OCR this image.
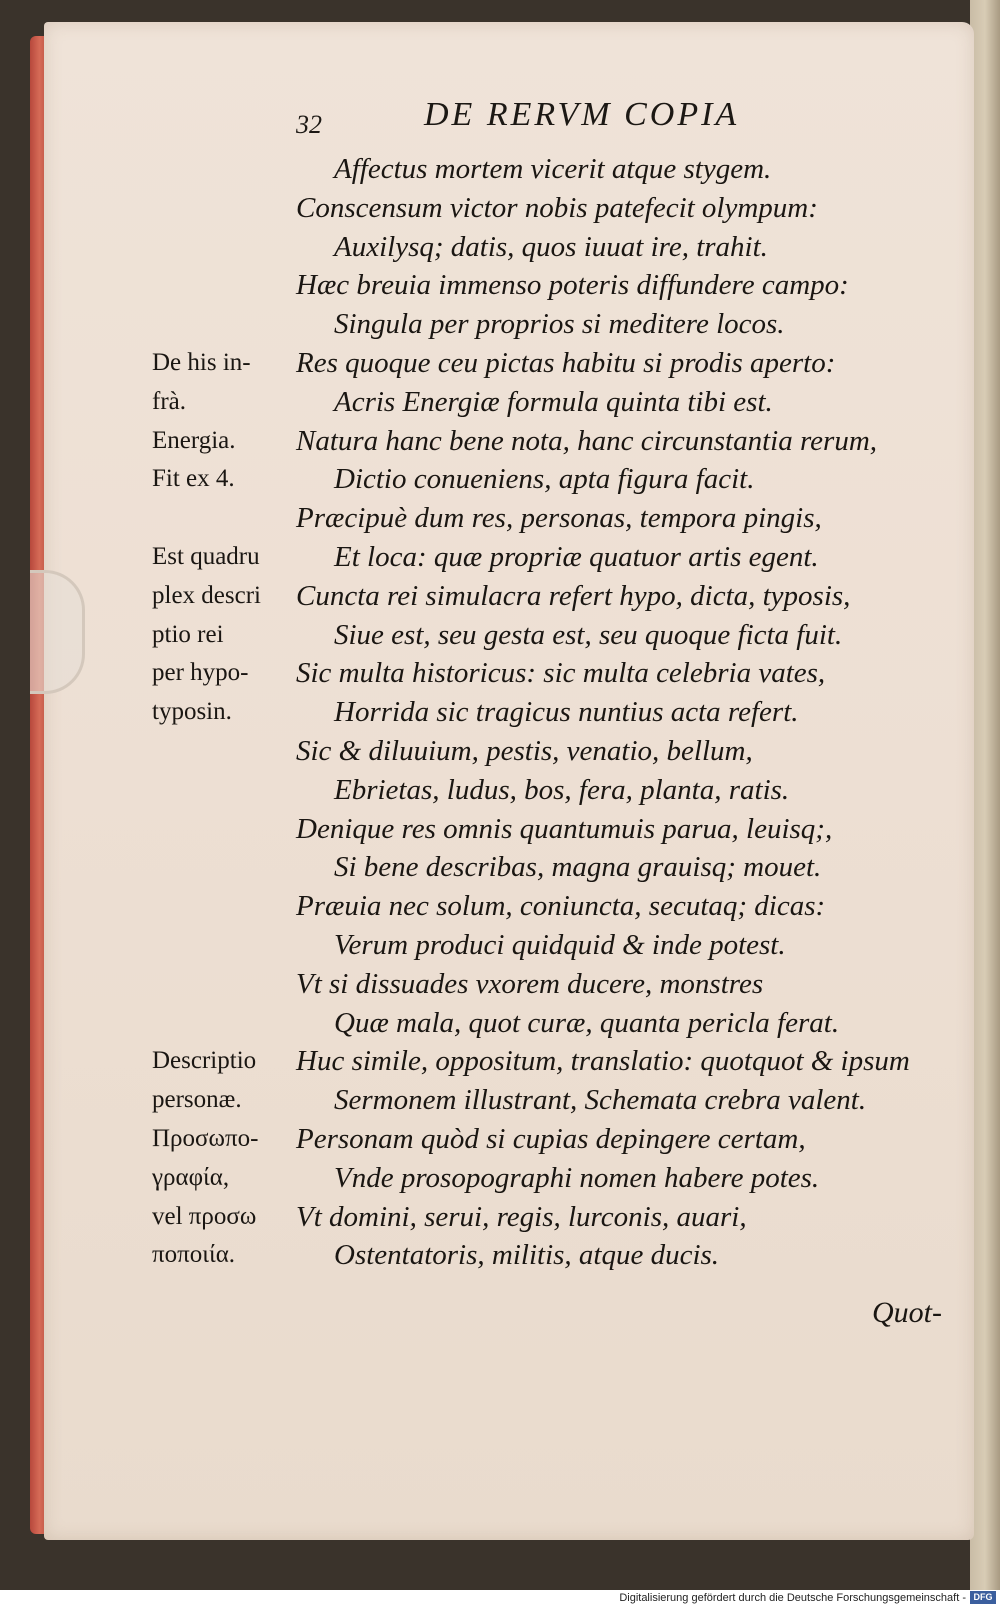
32	DE RERVM COPIA
Affectus mortem vicerit atque stygem.
Conscensum victor nobis patefecit olympum:
Auxilysq; datis, quos iuuat ire, trahit.
Hæc breuia immenso poteris diffundere campo:
Singula per proprios si meditere locos.
Res quoque ceu pictas habitu si prodis aperto:
Acris Energiæ formula quinta tibi est.
Natura hanc bene nota, hanc circunstantia rerum,
Dictio conueniens, apta figura facit.
Præcipuè dum res, personas, tempora pingis,
Et loca: quæ propriæ quatuor artis egent.
Cuncta rei simulacra refert hypo, dicta, typosis,
Siue est, seu gesta est, seu quoque ficta fuit.
Sic multa historicus: sic multa celebria vates,
Horrida sic tragicus nuntius acta refert.
Sic & diluuium, pestis, venatio, bellum,
Ebrietas, ludus, bos, fera, planta, ratis.
Denique res omnis quantumuis parua, leuisq;,
Si bene describas, magna grauisq; mouet.
Præuia nec solum, coniuncta, secutaq; dicas:
Verum produci quidquid & inde potest.
Vt si dissuades vxorem ducere, monstres
Quæ mala, quot curæ, quanta pericla ferat.
Huc simile, oppositum, translatio: quotquot & ipsum
Sermonem illustrant, Schemata crebra valent.
Personam quòd si cupias depingere certam,
Vnde prosopographi nomen habere potes.
Vt domini, serui, regis, lurconis, auari,
Ostentatoris, militis, atque ducis.
De his in-
frà.
Energia.
Fit ex 4.
Est quadru
plex descri
ptio rei
per hypo-
typosin.
Descriptio
personæ.
Προσωπο-
γραφία,
vel προσω
ποποιία.
Quot-
Digitalisierung gefördert durch die Deutsche Forschungsgemeinschaft - DFG
